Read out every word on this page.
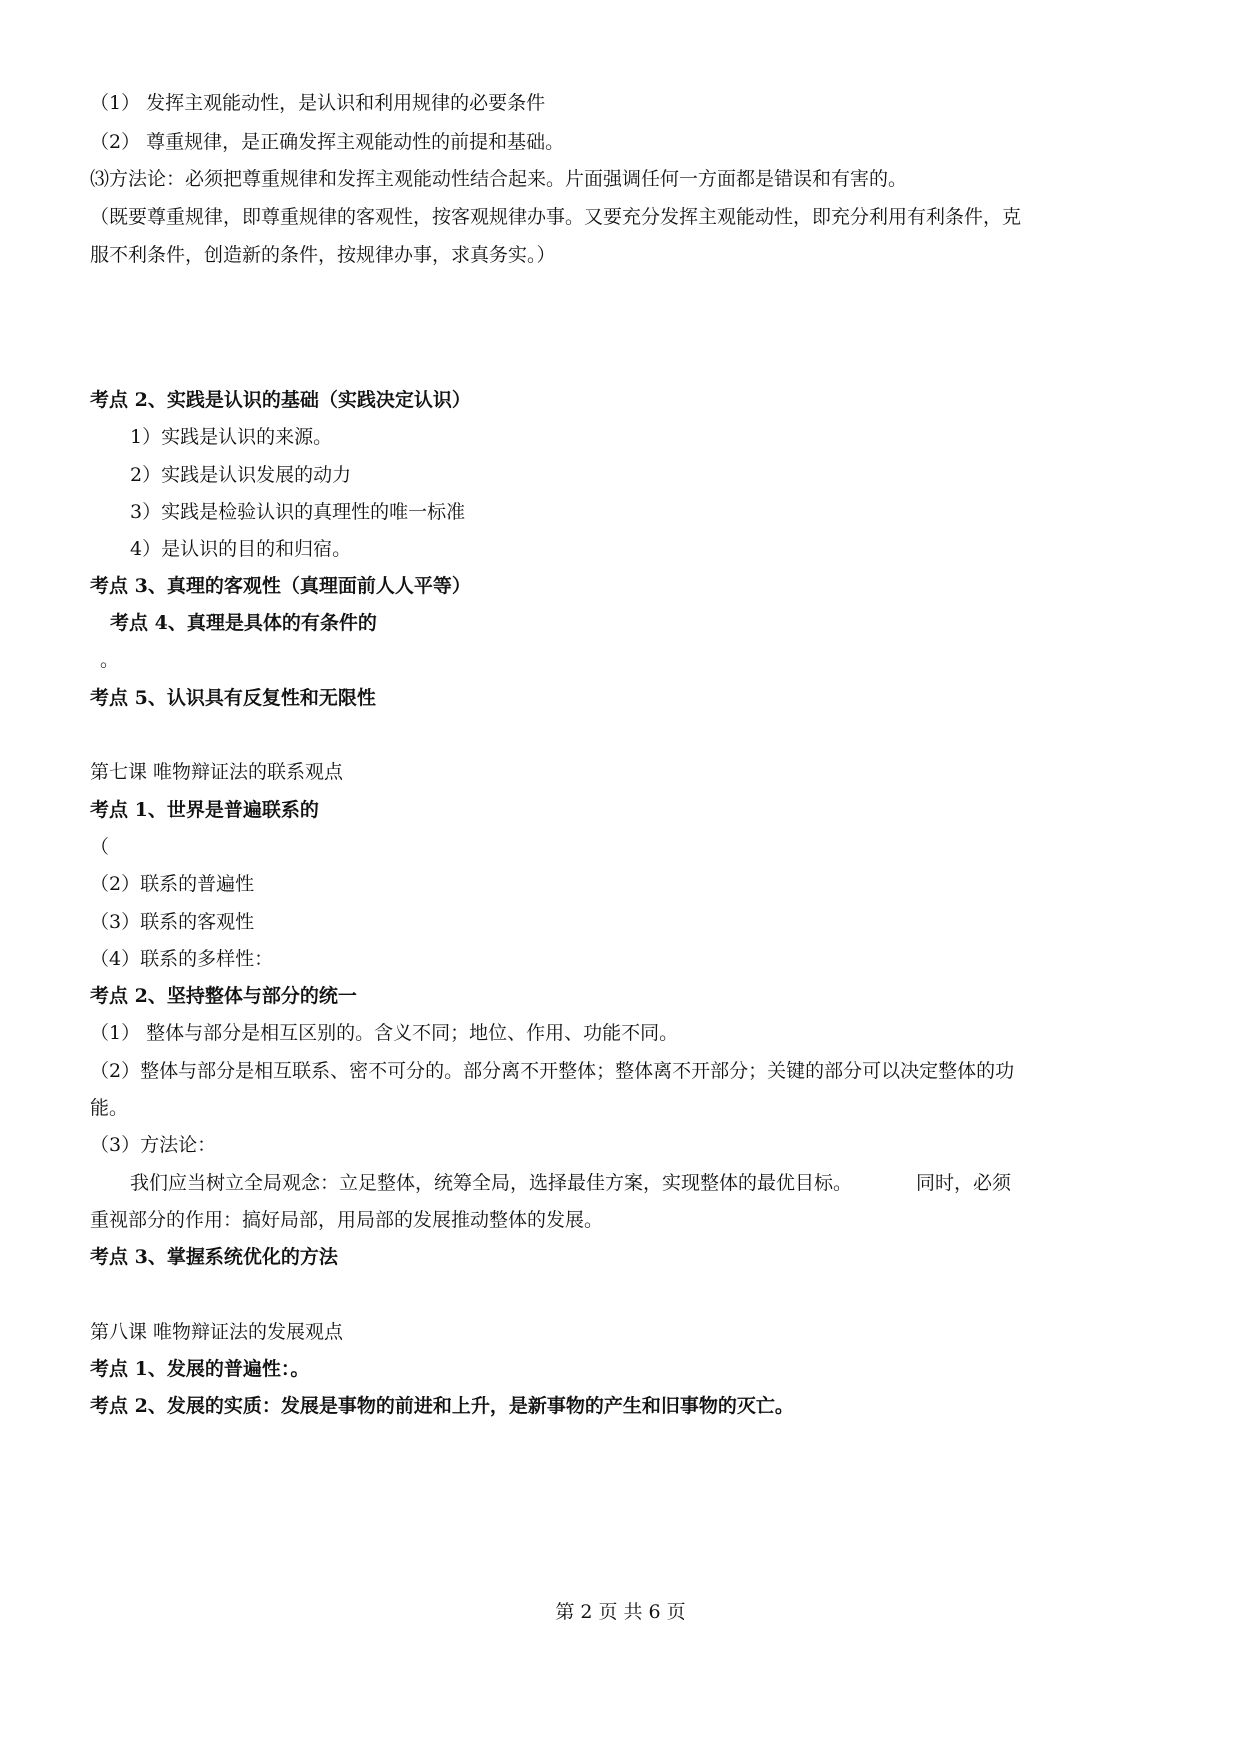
（1） 发挥主观能动性，是认识和利用规律的必要条件
（2） 尊重规律，是正确发挥主观能动性的前提和基础。
⑶方法论：必须把尊重规律和发挥主观能动性结合起来。片面强调任何一方面都是错误和有害的。
（既要尊重规律，即尊重规律的客观性，按客观规律办事。又要充分发挥主观能动性，即充分利用有利条件，克
服不利条件，创造新的条件，按规律办事，求真务实。）
考点 2、实践是认识的基础（实践决定认识）
1）实践是认识的来源。
2）实践是认识发展的动力
3）实践是检验认识的真理性的唯一标准
4）是认识的目的和归宿。
考点 3、真理的客观性（真理面前人人平等）
考点 4、真理是具体的有条件的
。
考点 5、认识具有反复性和无限性
第七课 唯物辩证法的联系观点
考点 1、世界是普遍联系的
（
（2）联系的普遍性
（3）联系的客观性
（4）联系的多样性：
考点 2、坚持整体与部分的统一
（1） 整体与部分是相互区别的。含义不同；地位、作用、功能不同。
（2）整体与部分是相互联系、密不可分的。部分离不开整体；整体离不开部分；关键的部分可以决定整体的功
能。
（3）方法论：
我们应当树立全局观念：立足整体，统筹全局，选择最佳方案，实现整体的最优目标。	同时，必须
重视部分的作用：搞好局部，用局部的发展推动整体的发展。
考点 3、掌握系统优化的方法
第八课 唯物辩证法的发展观点
考点 1、发展的普遍性：。
考点 2、发展的实质：发展是事物的前进和上升，是新事物的产生和旧事物的灭亡。
第 2 页 共 6 页
